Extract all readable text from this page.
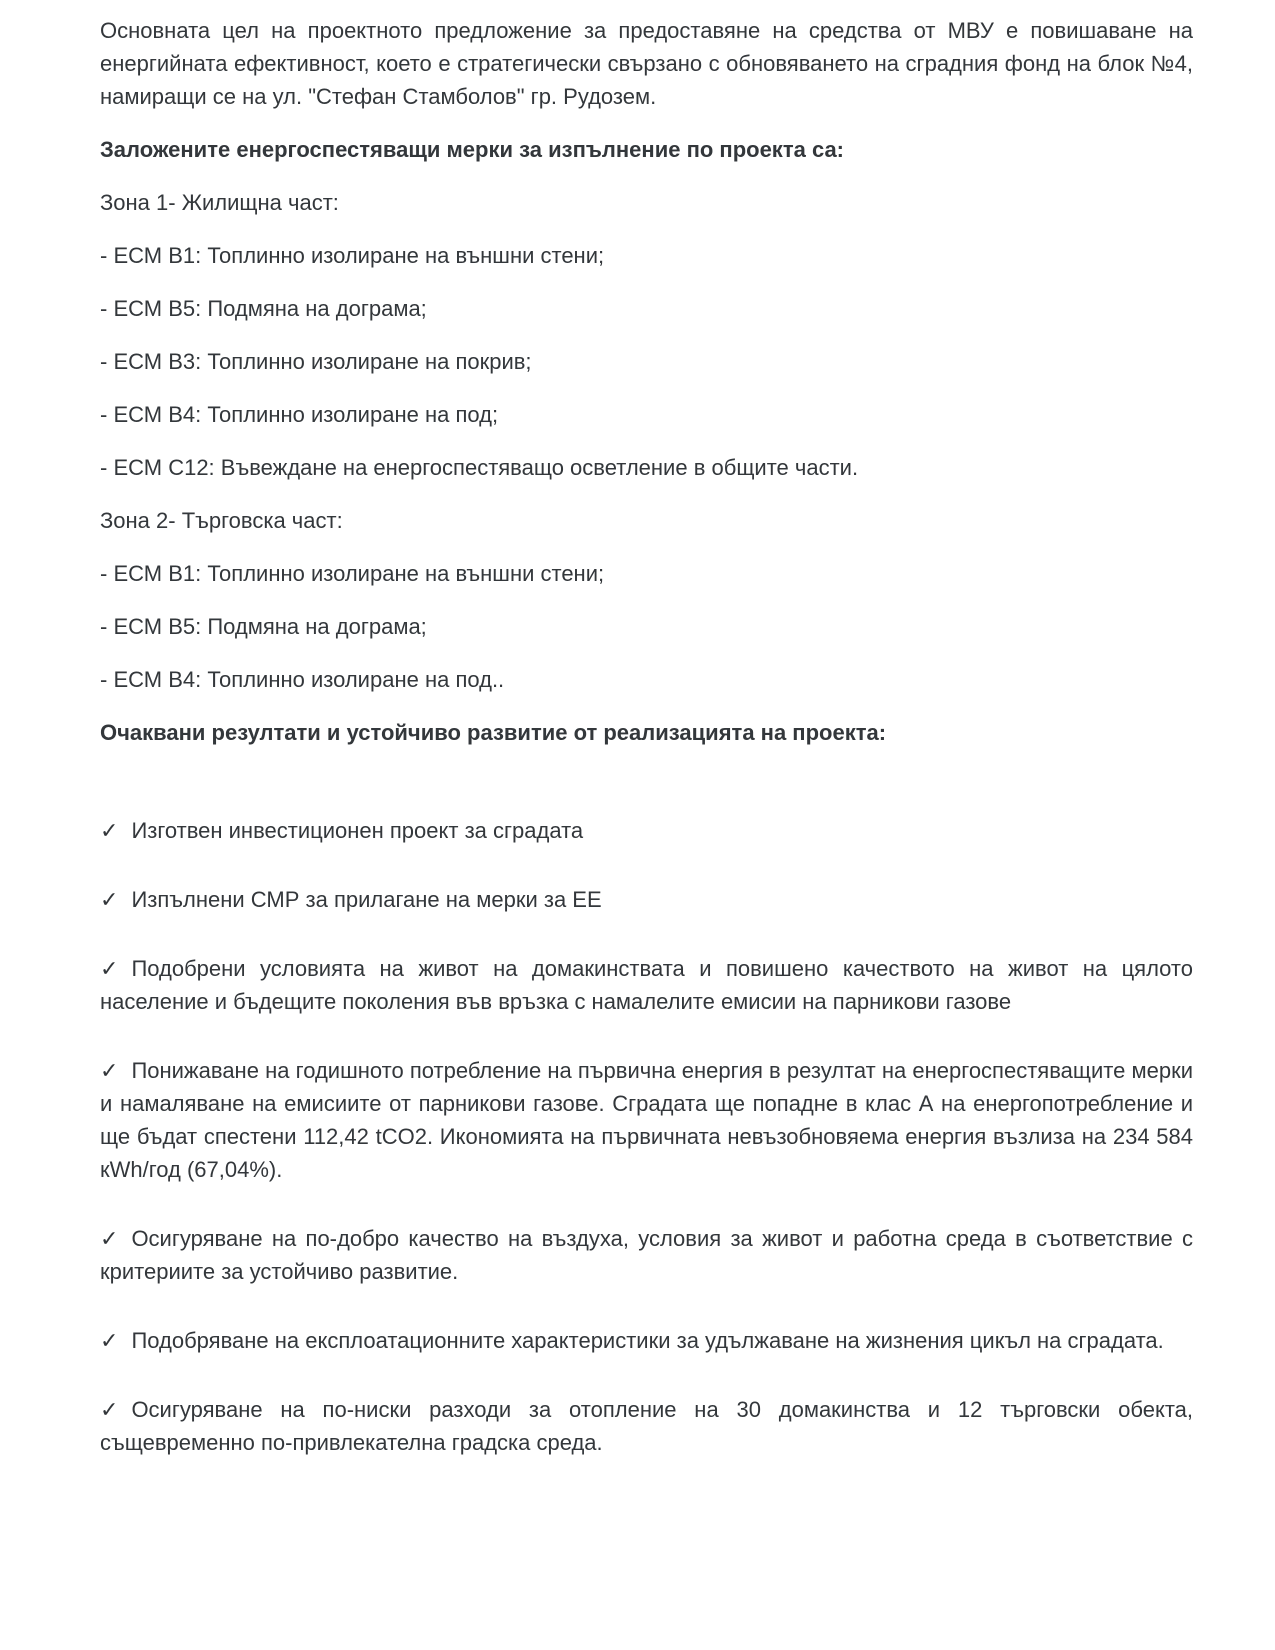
Основната цел на проектното предложение за предоставяне на средства от МВУ е повишаване на енергийната ефективност, което е стратегически свързано с обновяването на сградния фонд на блок №4, намиращи се на ул. "Стефан Стамболов" гр. Рудозем.

Заложените енергоспестяващи мерки за изпълнение по проекта са:

Зона 1- Жилищна част:

- ЕСМ В1: Топлинно изолиране на външни стени;

- ЕСМ В5: Подмяна на дограма;

- ЕСМ В3: Топлинно изолиране на покрив;

- ЕСМ В4: Топлинно изолиране на под;

- ЕСМ С12: Въвеждане на енергоспестяващо осветление в общите части.

Зона 2- Търговска част:

- ЕСМ В1: Топлинно изолиране на външни стени;

- ЕСМ В5: Подмяна на дограма;

- ЕСМ В4: Топлинно изолиране на под..

Очаквани резултати и устойчиво развитие от реализацията на проекта:

✓ Изготвен инвестиционен проект за сградата

✓ Изпълнени СМР за прилагане на мерки за ЕЕ

✓ Подобрени условията на живот на домакинствата и повишено качеството на живот на цялото население и бъдещите поколения във връзка с намалелите емисии на парникови газове

✓ Понижаване на годишното потребление на първична енергия в резултат на енергоспестяващите мерки и намаляване на емисиите от парникови газове. Сградата ще попадне в клас А на енергопотребление и ще бъдат спестени 112,42 tCO2. Икономията на първичната невъзобновяема енергия възлиза на 234 584 кWh/год (67,04%).

✓ Осигуряване на по-добро качество на въздуха, условия за живот и работна среда в съответствие с критериите за устойчиво развитие.

✓ Подобряване на експлоатационните характеристики за удължаване на жизнения цикъл на сградата.

✓ Осигуряване на по-ниски разходи за отопление на 30 домакинства и 12 търговски обекта, същевременно по-привлекателна градска среда.
